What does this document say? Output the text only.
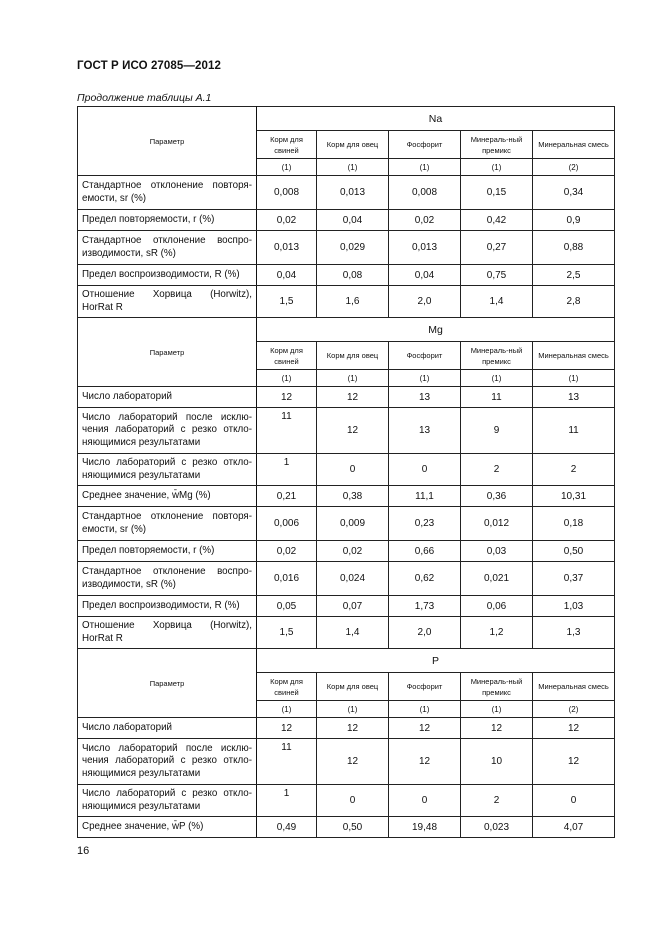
ГОСТ Р ИСО 27085—2012
Продолжение таблицы А.1
Параметр	Na				
	Корм для свиней	Корм для овец	Фосфорит	Минераль-ный премикс	Минеральная смесь
	(1)	(1)	(1)	(1)	(2)
Стандартное отклонение повторя-емости, sr (%)	0,008	0,013	0,008	0,15	0,34
Предел повторяемости, r (%)	0,02	0,04	0,02	0,42	0,9
Стандартное отклонение воспро-изводимости, sR (%)	0,013	0,029	0,013	0,27	0,88
Предел воспроизводимости, R (%)	0,04	0,08	0,04	0,75	2,5
Отношение Хорвица (Horwitz), HorRat R	1,5	1,6	2,0	1,4	2,8
Параметр	Mg				
	Корм для свиней	Корм для овец	Фосфорит	Минераль-ный премикс	Минеральная смесь
	(1)	(1)	(1)	(1)	(1)
Число лабораторий	12	12	13	11	13
Число лабораторий после исклю-чения лабораторий с резко откло-няющимися результатами	11	12	13	9	11
Число лабораторий с резко откло-няющимися результатами	1	0	0	2	2
Среднее значение, w̄Mg (%)	0,21	0,38	11,1	0,36	10,31
Стандартное отклонение повторя-емости, sr (%)	0,006	0,009	0,23	0,012	0,18
Предел повторяемости, r (%)	0,02	0,02	0,66	0,03	0,50
Стандартное отклонение воспро-изводимости, sR (%)	0,016	0,024	0,62	0,021	0,37
Предел воспроизводимости, R (%)	0,05	0,07	1,73	0,06	1,03
Отношение Хорвица (Horwitz), HorRat R	1,5	1,4	2,0	1,2	1,3
Параметр	P				
	Корм для свиней	Корм для овец	Фосфорит	Минераль-ный премикс	Минеральная смесь
	(1)	(1)	(1)	(1)	(2)
Число лабораторий	12	12	12	12	12
Число лабораторий после исклю-чения лабораторий с резко откло-няющимися результатами	11	12	12	10	12
Число лабораторий с резко откло-няющимися результатами	1	0	0	2	0
Среднее значение, w̄P (%)	0,49	0,50	19,48	0,023	4,07
16
